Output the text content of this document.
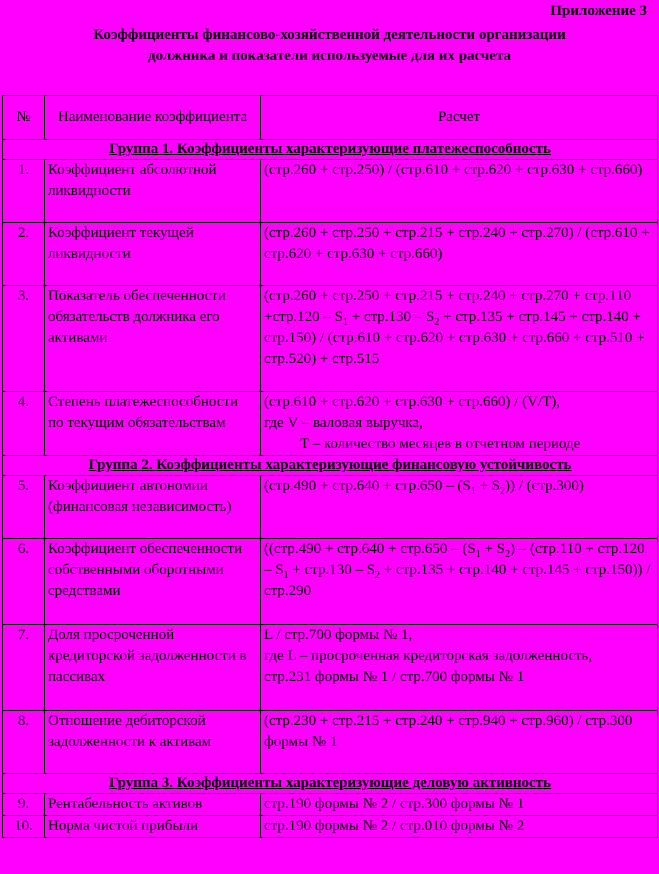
Приложение 3
Коэффициенты финансово-хозяйственной деятельности организации
должника и показатели используемые для их расчета
№	Наименование коэффициента	Расчет
Группа 1. Коэффициенты характеризующие платежеспособность		
1.	Коэффициент абсолютной ликвидности	(стр.260 + стр.250) / (стр.610 + стр.620 + стр.630 + стр.660)
2.	Коэффициент текущей ликвидности	(стр.260 + стр.250 + стр.215 + стр.240 + стр.270) / (стр.610 + стр.620 + стр.630 + стр.660)
3.	Показатель обеспеченности обязательств должника его активами	$(стр.260 + стр.250 + стр.215 + стр.240 + стр.270 + стр.110 +стр.120 - S_1 + стр.130 - S_2 + стр.135 + стр.145 + стр.140 + стр.150) / (стр.610 + стр.620 + стр.630 + стр.660 + стр.510 + стр.520) + стр.515$
4.	Степень платежеспособности по текущим обязательствам	(стр.610 + стр.620 + стр.630 + стр.660) / (V/T),
где V – валовая выручка,
T – количество месяцев в отчетном периоде

Группа 2. Коэффициенты характеризующие финансовую устойчивость		
5.	Коэффициент автономии (финансовая независимость)	$(стр.490 + стр.640 + стр.650 - (S_1 + S_2)) / (стр.300)$
6.	Коэффициент обеспеченности собственными оборотными средствами	($(стр.490 + стр.640 + стр.650 - (S_1 + S_2) - (стр.110 + стр.120 - S_1 + стр.130 - S_2 + стр.135 + стр.140 + стр.145 + стр.150)) / стр.290$
7.	Доля просроченной кредиторской задолженности в пассивах	L / стр.700 формы № 1,
где L – просроченная кредиторская задолженность,
стр.231 формы № 1 / стр.700 формы № 1

8.	Отношение дебиторской задолженности к активам	(стр.230 + стр.215 + стр.240 + стр.940 + стр.960) / стр.300 формы № 1
Группа 3. Коэффициенты характеризующие деловую активность		
9.	Рентабельность активов	стр.190 формы № 2 / стр.300 формы № 1
10.	Норма чистой прибыли	стр.190 формы № 2 / стр.010 формы № 2
